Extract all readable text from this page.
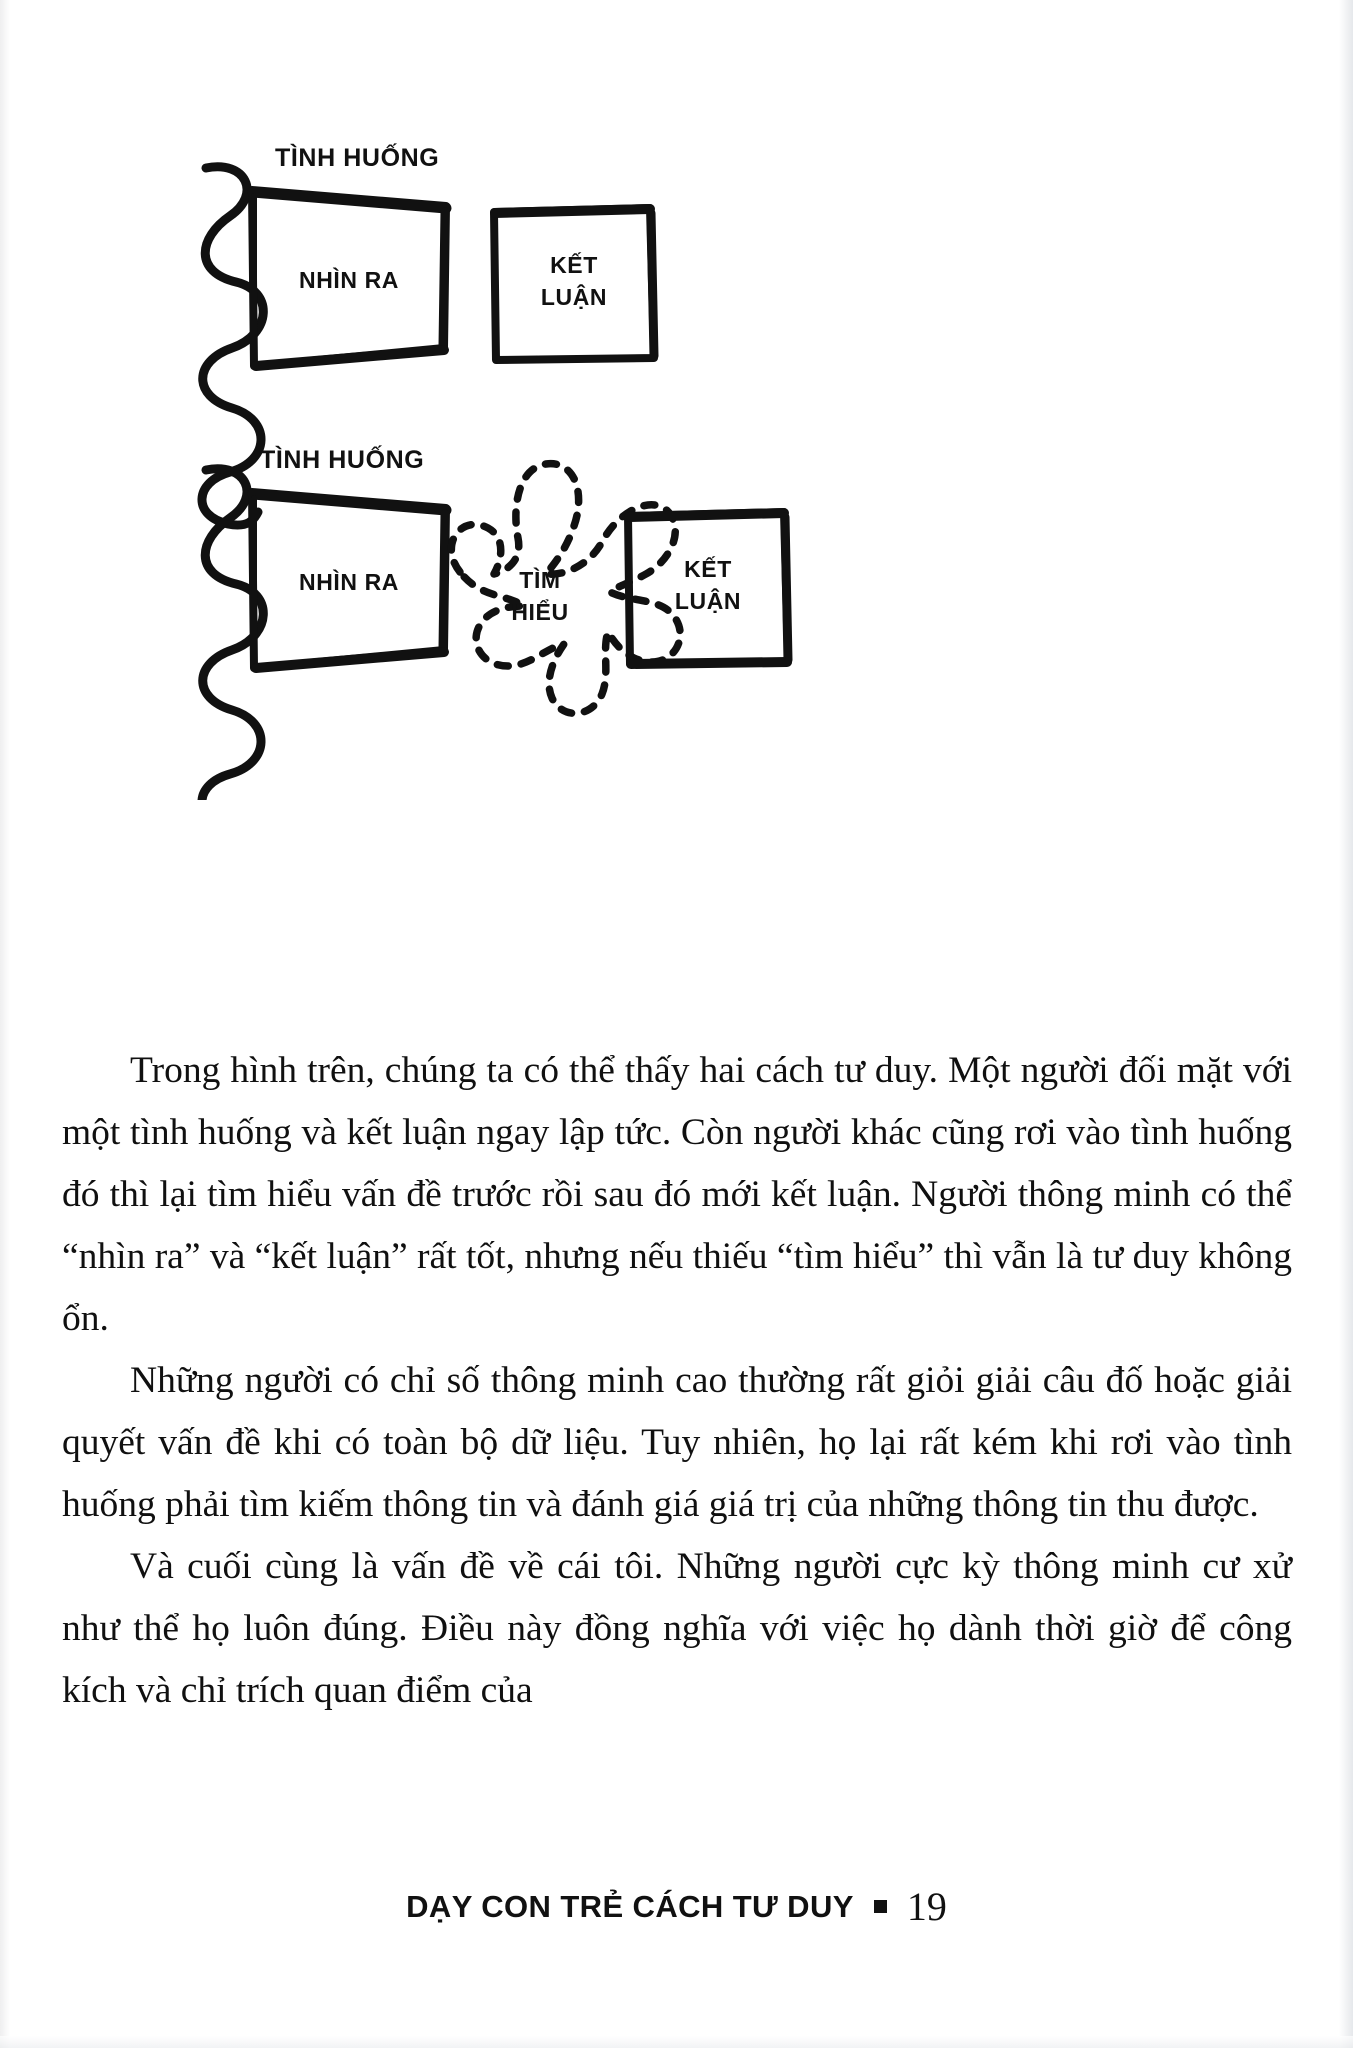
TÌNH HUỐNG
NHÌN RA
KẾT
LUẬN
TÌNH HUỐNG
NHÌN RA	TÌM
HIỂU
KẾT
LUẬN

Trong hình trên, chúng ta có thể thấy hai cách tư duy. Một người đối mặt với một tình huống và kết luận ngay lập tức. Còn người khác cũng rơi vào tình huống đó thì lại tìm hiểu vấn đề trước rồi sau đó mới kết luận. Người thông minh có thể “nhìn ra” và “kết luận” rất tốt, nhưng nếu thiếu “tìm hiểu” thì vẫn là tư duy không ổn.

Những người có chỉ số thông minh cao thường rất giỏi giải câu đố hoặc giải quyết vấn đề khi có toàn bộ dữ liệu. Tuy nhiên, họ lại rất kém khi rơi vào tình huống phải tìm kiếm thông tin và đánh giá giá trị của những thông tin thu được.

Và cuối cùng là vấn đề về cái tôi. Những người cực kỳ thông minh cư xử như thể họ luôn đúng. Điều này đồng nghĩa với việc họ dành thời giờ để công kích và chỉ trích quan điểm của

DẠY CON TRẺ CÁCH TƯ DUY 19
